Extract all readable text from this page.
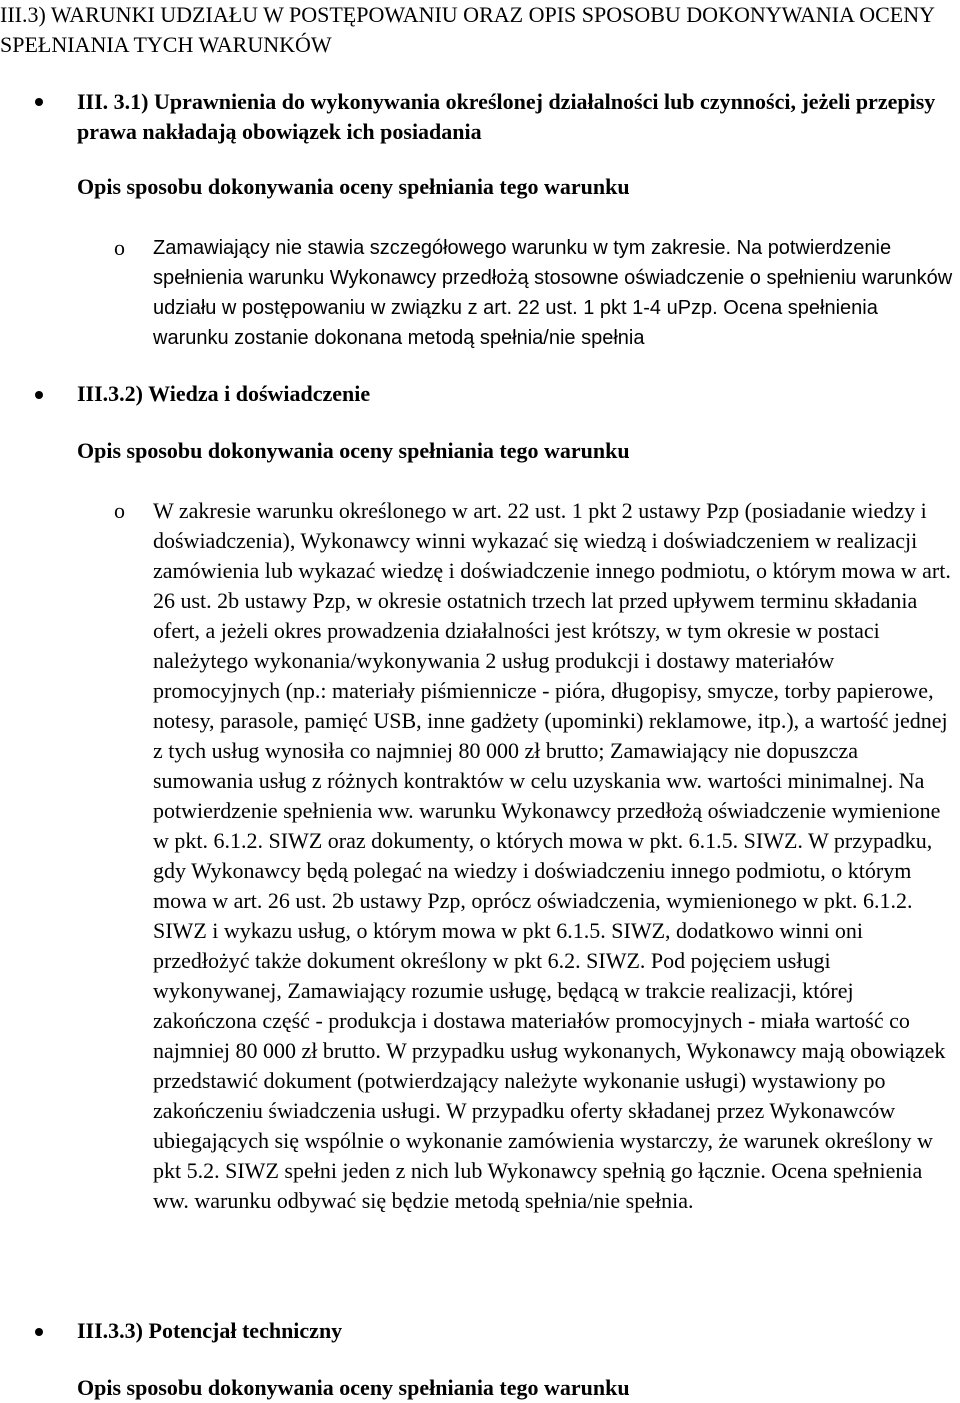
III.3) WARUNKI UDZIAŁU W POSTĘPOWANIU ORAZ OPIS SPOSOBU DOKONYWANIA OCENY SPEŁNIANIA TYCH WARUNKÓW
III. 3.1) Uprawnienia do wykonywania określonej działalności lub czynności, jeżeli przepisy prawa nakładają obowiązek ich posiadania
Opis sposobu dokonywania oceny spełniania tego warunku
o Zamawiający nie stawia szczegółowego warunku w tym zakresie. Na potwierdzenie spełnienia warunku Wykonawcy przedłożą stosowne oświadczenie o spełnieniu warunków udziału w postępowaniu w związku z art. 22 ust. 1 pkt 1-4 uPzp. Ocena spełnienia warunku zostanie dokonana metodą spełnia/nie spełnia
III.3.2) Wiedza i doświadczenie
Opis sposobu dokonywania oceny spełniania tego warunku
o W zakresie warunku określonego w art. 22 ust. 1 pkt 2 ustawy Pzp (posiadanie wiedzy i doświadczenia), Wykonawcy winni wykazać się wiedzą i doświadczeniem w realizacji zamówienia lub wykazać wiedzę i doświadczenie innego podmiotu, o którym mowa w art. 26 ust. 2b ustawy Pzp, w okresie ostatnich trzech lat przed upływem terminu składania ofert, a jeżeli okres prowadzenia działalności jest krótszy, w tym okresie w postaci należytego wykonania/wykonywania 2 usług produkcji i dostawy materiałów promocyjnych (np.: materiały piśmiennicze - pióra, długopisy, smycze, torby papierowe, notesy, parasole, pamięć USB, inne gadżety (upominki) reklamowe, itp.), a wartość jednej z tych usług wynosiła co najmniej 80 000 zł brutto; Zamawiający nie dopuszcza sumowania usług z różnych kontraktów w celu uzyskania ww. wartości minimalnej. Na potwierdzenie spełnienia ww. warunku Wykonawcy przedłożą oświadczenie wymienione w pkt. 6.1.2. SIWZ oraz dokumenty, o których mowa w pkt. 6.1.5. SIWZ. W przypadku, gdy Wykonawcy będą polegać na wiedzy i doświadczeniu innego podmiotu, o którym mowa w art. 26 ust. 2b ustawy Pzp, oprócz oświadczenia, wymienionego w pkt. 6.1.2. SIWZ i wykazu usług, o którym mowa w pkt 6.1.5. SIWZ, dodatkowo winni oni przedłożyć także dokument określony w pkt 6.2. SIWZ. Pod pojęciem usługi wykonywanej, Zamawiający rozumie usługę, będącą w trakcie realizacji, której zakończona część - produkcja i dostawa materiałów promocyjnych - miała wartość co najmniej 80 000 zł brutto. W przypadku usług wykonanych, Wykonawcy mają obowiązek przedstawić dokument (potwierdzający należyte wykonanie usługi) wystawiony po zakończeniu świadczenia usługi. W przypadku oferty składanej przez Wykonawców ubiegających się wspólnie o wykonanie zamówienia wystarczy, że warunek określony w pkt 5.2. SIWZ spełni jeden z nich lub Wykonawcy spełnią go łącznie. Ocena spełnienia ww. warunku odbywać się będzie metodą spełnia/nie spełnia.
III.3.3) Potencjał techniczny
Opis sposobu dokonywania oceny spełniania tego warunku
